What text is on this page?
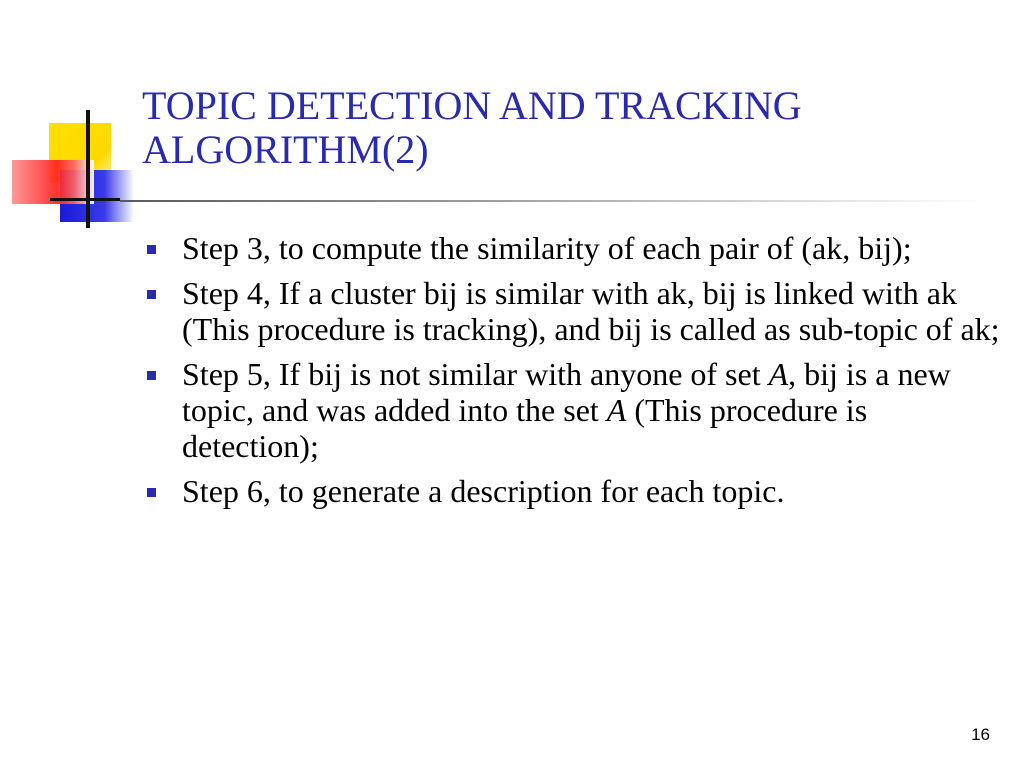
TOPIC DETECTION AND TRACKING
ALGORITHM(2)
Step 3, to compute the similarity of each pair of (ak, bij);
Step 4, If a cluster bij is similar with ak, bij is linked with ak (This procedure is tracking), and bij is called as sub-topic of ak;
Step 5, If bij is not similar with anyone of set A, bij is a new topic, and was added into the set A (This procedure is detection);
Step 6, to generate a description for each topic.
16
